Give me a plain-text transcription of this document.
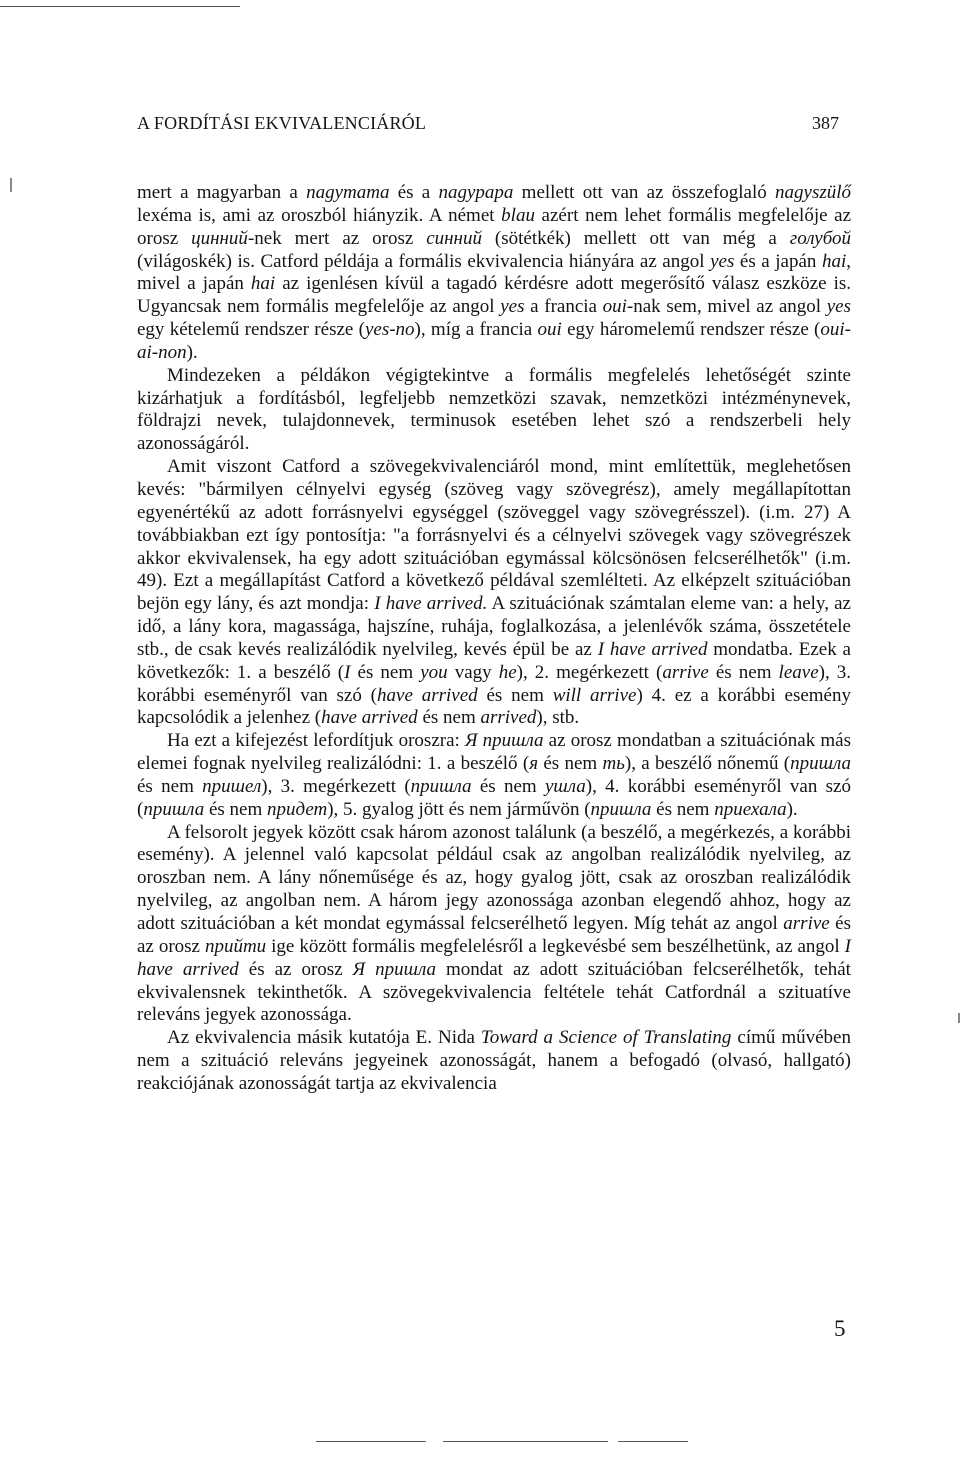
A FORDÍTÁSI EKVIVALENCIÁRÓL	387

mert a magyarban a nagymama és a nagypapa mellett ott van az összefoglaló nagyszülő lexéma is, ami az oroszból hiányzik. A német blau azért nem lehet formális megfelelője az orosz цинний-nek mert az orosz синний (sötétkék) mellett ott van még a голубой (világoskék) is. Catford példája a formális ekvivalencia hiányára az angol yes és a japán hai, mivel a japán hai az igenlésen kívül a tagadó kérdésre adott megerősítő válasz eszköze is. Ugyancsak nem formális megfelelője az angol yes a francia oui-nak sem, mivel az angol yes egy kételemű rendszer része (yes-no), míg a francia oui egy háromelemű rendszer része (oui-ai-non).

Mindezeken a példákon végigtekintve a formális megfelelés lehetőségét szinte kizárhatjuk a fordításból, legfeljebb nemzetközi szavak, nemzetközi intézménynevek, földrajzi nevek, tulajdonnevek, terminusok esetében lehet szó a rendszerbeli hely azonosságáról.

Amit viszont Catford a szövegekvivalenciáról mond, mint említettük, meglehetősen kevés: "bármilyen célnyelvi egység (szöveg vagy szövegrész), amely megállapítottan egyenértékű az adott forrásnyelvi egységgel (szöveggel vagy szövegrésszel). (i.m. 27) A továbbiakban ezt így pontosítja: "a forrásnyelvi és a célnyelvi szövegek vagy szövegrészek akkor ekvivalensek, ha egy adott szituációban egymással kölcsönösen felcserélhetők" (i.m. 49). Ezt a megállapítást Catford a következő példával szemlélteti. Az elképzelt szituációban bejön egy lány, és azt mondja: I have arrived. A szituációnak számtalan eleme van: a hely, az idő, a lány kora, magassága, hajszíne, ruhája, foglalkozása, a jelenlévők száma, összetétele stb., de csak kevés realizálódik nyelvileg, kevés épül be az I have arrived mondatba. Ezek a következők: 1. a beszélő (I és nem you vagy he), 2. megérkezett (arrive és nem leave), 3. korábbi eseményről van szó (have arrived és nem will arrive) 4. ez a korábbi esemény kapcsolódik a jelenhez (have arrived és nem arrived), stb.

Ha ezt a kifejezést lefordítjuk oroszra: Я пришла az orosz mondatban a szituációnak más elemei fognak nyelvileg realizálódni: 1. a beszélő (я és nem ть), a beszélő nőnemű (пришла és nem пришел), 3. megérkezett (пришла és nem ушла), 4. korábbi eseményről van szó (пришла és nem придет), 5. gyalog jött és nem járművön (пришла és nem приехала).

A felsorolt jegyek között csak három azonost találunk (a beszélő, a megérkezés, a korábbi esemény). A jelennel való kapcsolat például csak az angolban realizálódik nyelvileg, az oroszban nem. A lány nőneműsége és az, hogy gyalog jött, csak az oroszban realizálódik nyelvileg, az angolban nem. A három jegy azonossága azonban elegendő ahhoz, hogy az adott szituációban a két mondat egymással felcserélhető legyen. Míg tehát az angol arrive és az orosz прийти ige között formális megfelelésről a legkevésbé sem beszélhetünk, az angol I have arrived és az orosz Я пришла mondat az adott szituációban felcserélhetők, tehát ekvivalensnek tekinthetők. A szövegekvivalencia feltétele tehát Catfordnál a szituatíve releváns jegyek azonossága.

Az ekvivalencia másik kutatója E. Nida Toward a Science of Translating című művében nem a szituáció releváns jegyeinek azonosságát, hanem a befogadó (olvasó, hallgató) reakciójának azonosságát tartja az ekvivalencia

5
